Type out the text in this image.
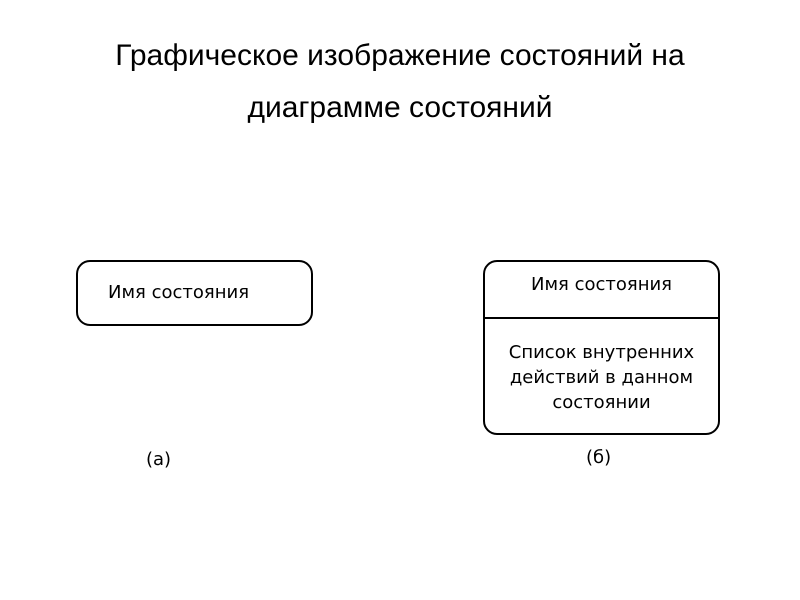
Графическое изображение состояний на
диаграмме состояний
Имя состояния
(а)
Имя состояния
Список внутренних
действий в данном
состоянии
(б)
